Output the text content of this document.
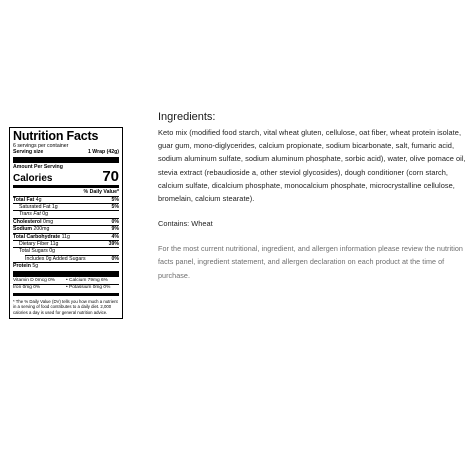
Nutrition Facts
6 servings per container
Serving size	1 Wrap (42g)
Amount Per Serving
Calories	70
% Daily Value*
Total Fat 4g	5%
Saturated Fat 1g	5%
Trans Fat 0g
Cholesterol 0mg	0%
Sodium 200mg	9%
Total Carbohydrate 11g	4%
Dietary Fiber 11g	39%
Total Sugars 0g
Includes 0g Added Sugars	0%
Protein 5g
Vitamin D 0mcg 0%	• Calcium 79mg 6%
Iron 0mg 0%	• Potassium 0mg 0%
* The % Daily Value (DV) tells you how much a nutrient in a serving of food contributes to a daily diet. 2,000 calories a day is used for general nutrition advice.
Ingredients:

Keto mix (modified food starch, vital wheat gluten, cellulose, oat fiber, wheat protein isolate, guar gum, mono-diglycerides, calcium propionate, sodium bicarbonate, salt, fumaric acid, sodium aluminum sulfate, sodium aluminum phosphate, sorbic acid), water, olive pomace oil, stevia extract (rebaudioside a, other steviol glycosides), dough conditioner (corn starch, calcium sulfate, dicalcium phosphate, monocalcium phosphate, microcrystalline cellulose, bromelain, calcium stearate).

Contains: Wheat

For the most current nutritional, ingredient, and allergen information please review the nutrition facts panel, ingredient statement, and allergen declaration on each product at the time of purchase.
